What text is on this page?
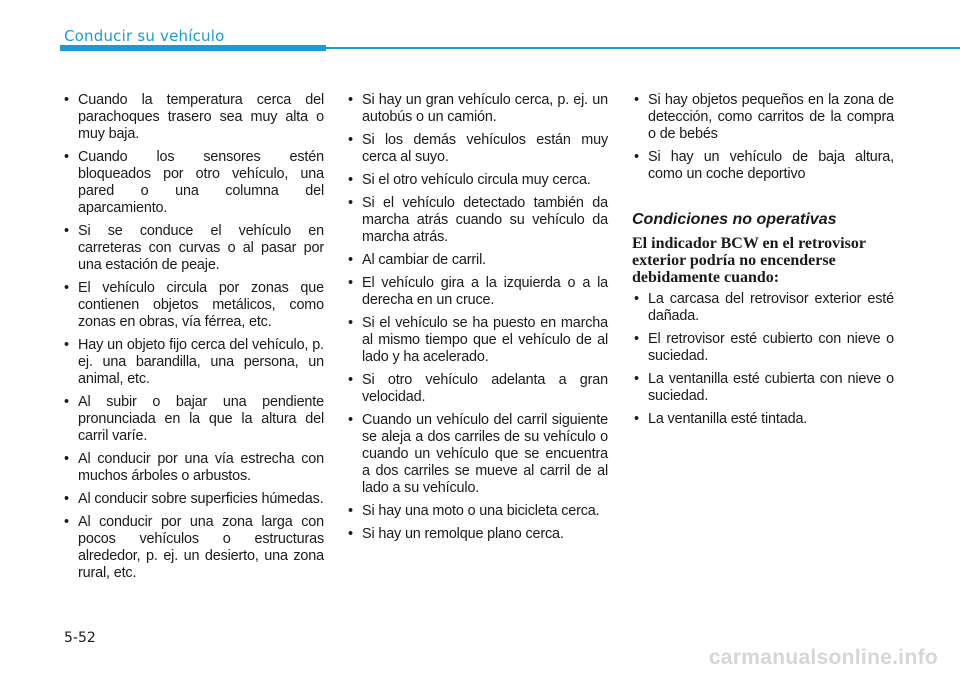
Conducir su vehículo
• Cuando la temperatura cerca del parachoques trasero sea muy alta o muy baja.
• Cuando los sensores estén bloqueados por otro vehículo, una pared o una columna del aparcamiento.
• Si se conduce el vehículo en carreteras con curvas o al pasar por una estación de peaje.
• El vehículo circula por zonas que contienen objetos metálicos, como zonas en obras, vía férrea, etc.
• Hay un objeto fijo cerca del vehículo, p. ej. una barandilla, una persona, un animal, etc.
• Al subir o bajar una pendiente pronunciada en la que la altura del carril varíe.
• Al conducir por una vía estrecha con muchos árboles o arbustos.
• Al conducir sobre superficies húmedas.
• Al conducir por una zona larga con pocos vehículos o estructuras alrededor, p. ej. un desierto, una zona rural, etc.
• Si hay un gran vehículo cerca, p. ej. un autobús o un camión.
• Si los demás vehículos están muy cerca al suyo.
• Si el otro vehículo circula muy cerca.
• Si el vehículo detectado también da marcha atrás cuando su vehículo da marcha atrás.
• Al cambiar de carril.
• El vehículo gira a la izquierda o a la derecha en un cruce.
• Si el vehículo se ha puesto en marcha al mismo tiempo que el vehículo de al lado y ha acelerado.
• Si otro vehículo adelanta a gran velocidad.
• Cuando un vehículo del carril siguiente se aleja a dos carriles de su vehículo o cuando un vehículo que se encuentra a dos carriles se mueve al carril de al lado a su vehículo.
• Si hay una moto o una bicicleta cerca.
• Si hay un remolque plano cerca.
• Si hay objetos pequeños en la zona de detección, como carritos de la compra o de bebés
• Si hay un vehículo de baja altura, como un coche deportivo
Condiciones no operativas
El indicador BCW en el retrovisor exterior podría no encenderse debidamente cuando:
• La carcasa del retrovisor exterior esté dañada.
• El retrovisor esté cubierto con nieve o suciedad.
• La ventanilla esté cubierta con nieve o suciedad.
• La ventanilla esté tintada.
5-52
carmanualsonline.info
